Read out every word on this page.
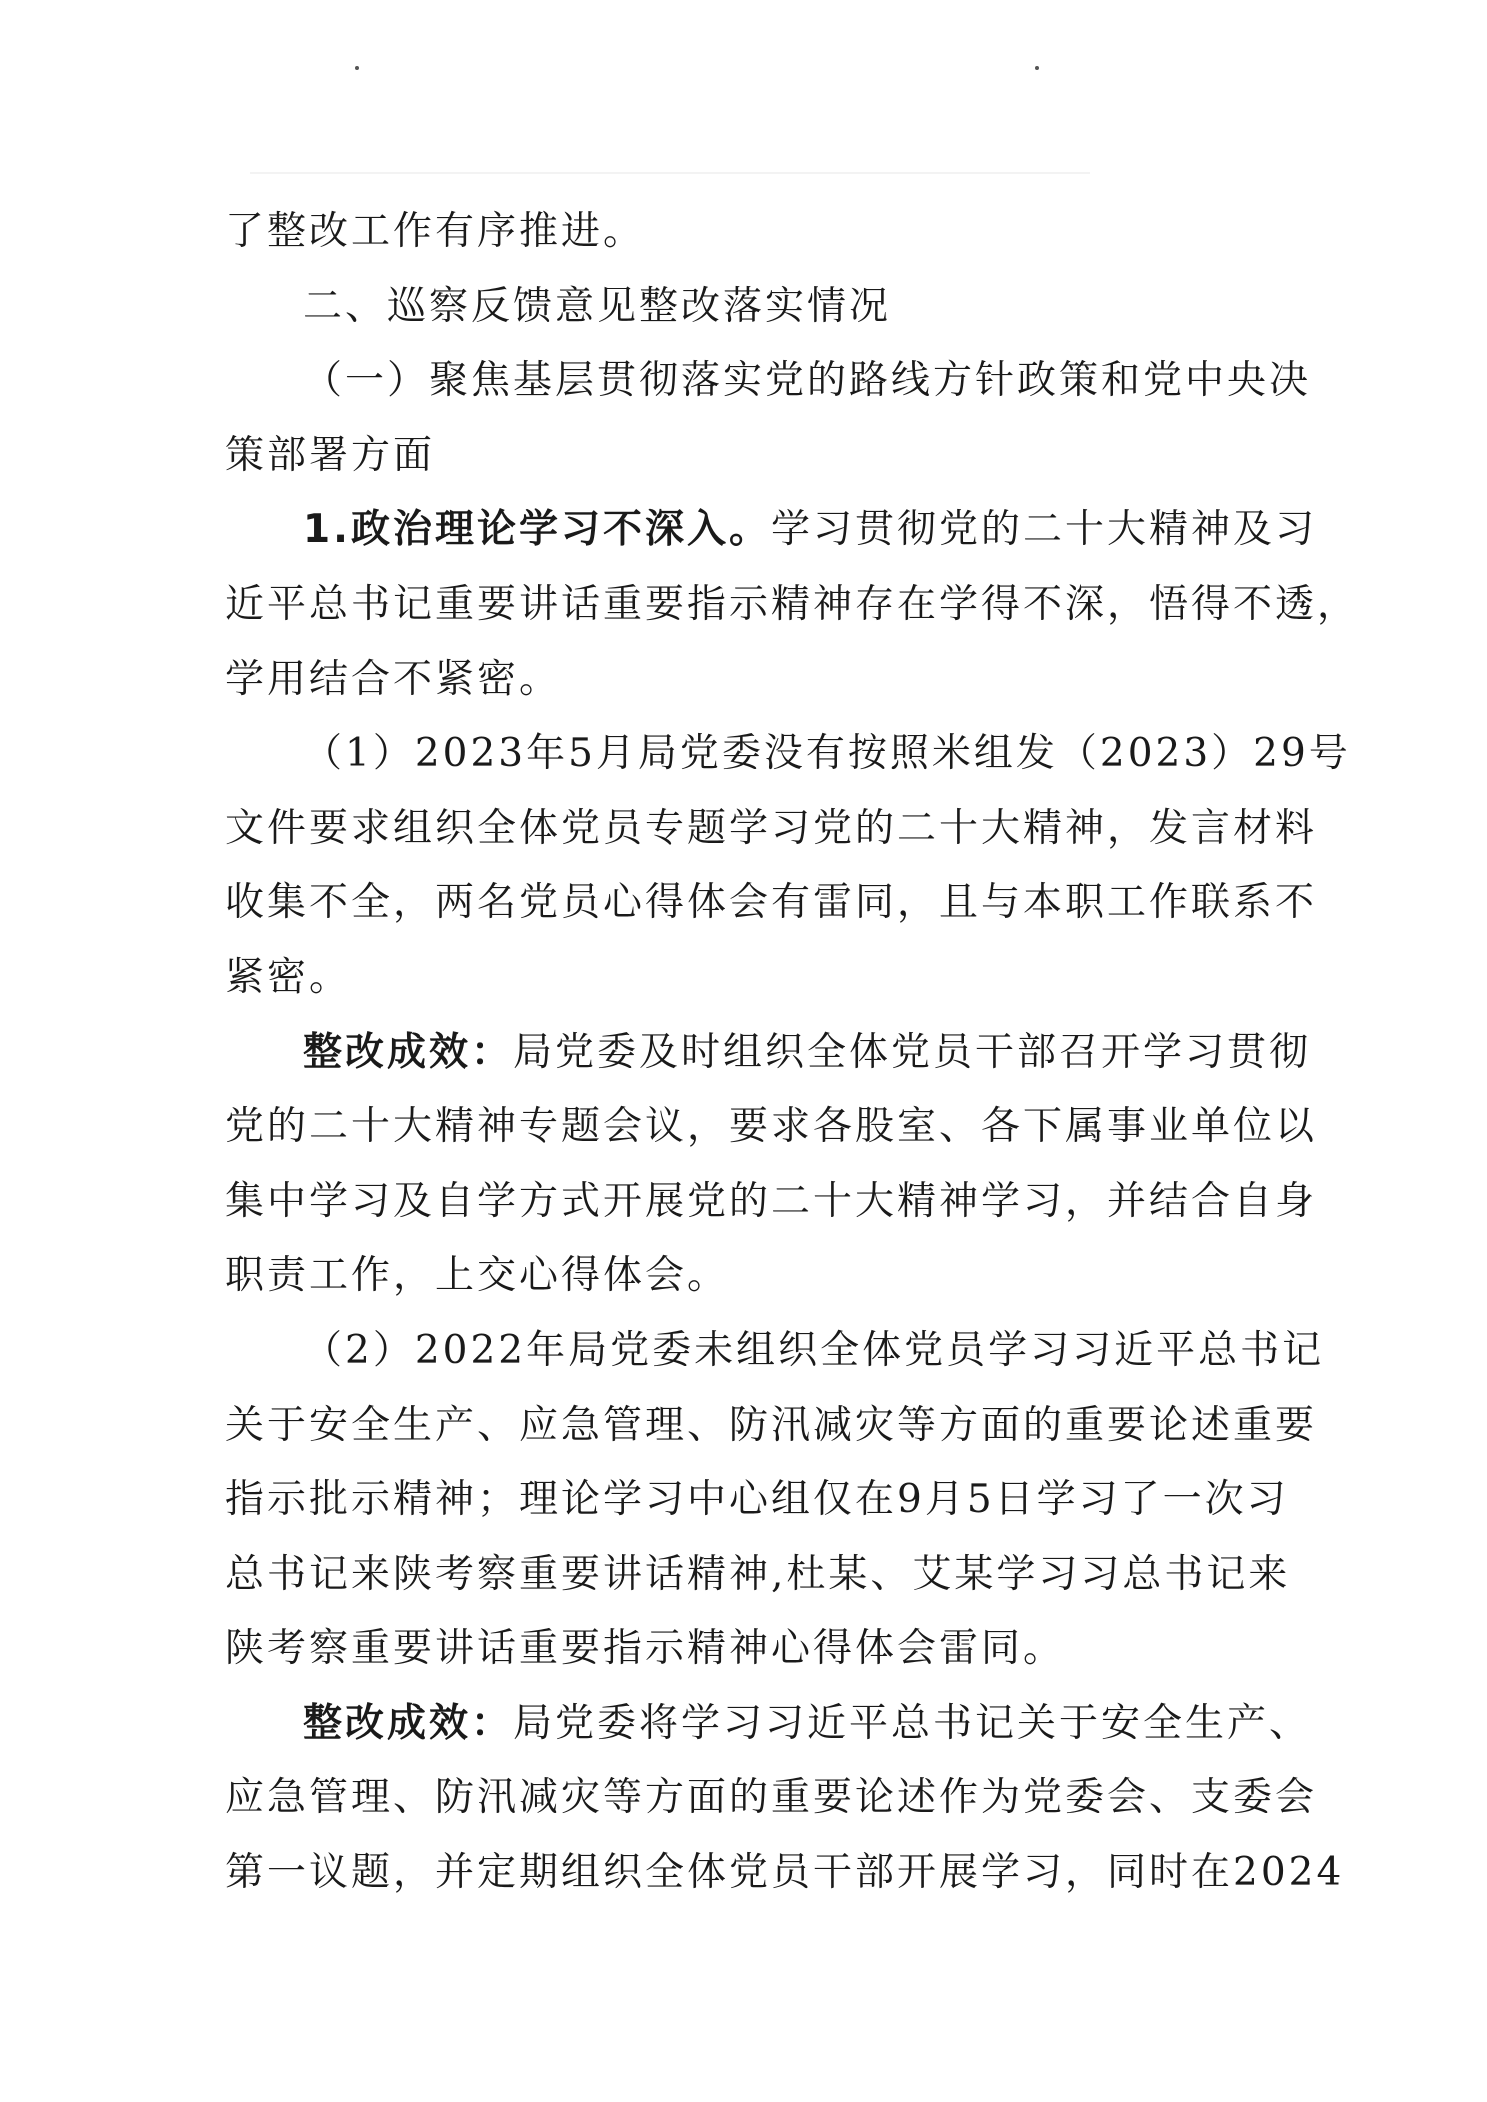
了整改工作有序推进。
二、巡察反馈意见整改落实情况
（一）聚焦基层贯彻落实党的路线方针政策和党中央决
策部署方面
1.政治理论学习不深入。学习贯彻党的二十大精神及习
近平总书记重要讲话重要指示精神存在学得不深，悟得不透，
学用结合不紧密。
（1）2023年5月局党委没有按照米组发（2023）29号
文件要求组织全体党员专题学习党的二十大精神，发言材料
收集不全，两名党员心得体会有雷同，且与本职工作联系不
紧密。
整改成效：局党委及时组织全体党员干部召开学习贯彻
党的二十大精神专题会议，要求各股室、各下属事业单位以
集中学习及自学方式开展党的二十大精神学习，并结合自身
职责工作，上交心得体会。
（2）2022年局党委未组织全体党员学习习近平总书记
关于安全生产、应急管理、防汛减灾等方面的重要论述重要
指示批示精神；理论学习中心组仅在9月5日学习了一次习
总书记来陕考察重要讲话精神,杜某、艾某学习习总书记来
陕考察重要讲话重要指示精神心得体会雷同。
整改成效：局党委将学习习近平总书记关于安全生产、
应急管理、防汛减灾等方面的重要论述作为党委会、支委会
第一议题，并定期组织全体党员干部开展学习，同时在2024
